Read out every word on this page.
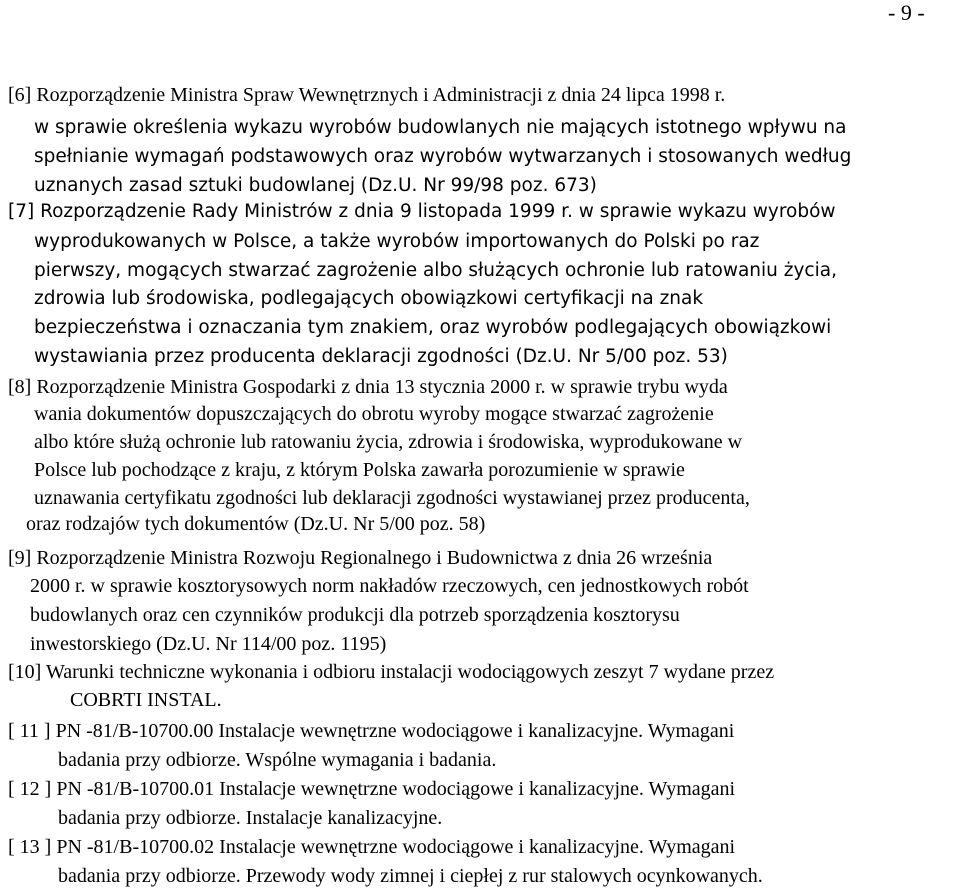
- 9 -
[6] Rozporządzenie Ministra Spraw Wewnętrznych i Administracji z dnia 24 lipca 1998 r.
w sprawie określenia wykazu wyrobów budowlanych nie mających istotnego wpływu na
spełnianie wymagań podstawowych oraz wyrobów wytwarzanych i stosowanych według
uznanych zasad sztuki budowlanej (Dz.U. Nr 99/98 poz. 673)
[7] Rozporządzenie Rady Ministrów z dnia 9 listopada 1999 r. w sprawie wykazu wyrobów
wyprodukowanych w Polsce, a także wyrobów importowanych do Polski po raz
pierwszy, mogących stwarzać zagrożenie albo służących ochronie lub ratowaniu życia,
zdrowia lub środowiska, podlegających obowiązkowi certyfikacji na znak
bezpieczeństwa i oznaczania tym znakiem, oraz wyrobów podlegających obowiązkowi
wystawiania przez producenta deklaracji zgodności (Dz.U. Nr 5/00 poz. 53)
[8] Rozporządzenie Ministra Gospodarki z dnia 13 stycznia 2000 r. w sprawie trybu wyda
wania dokumentów dopuszczających do obrotu wyroby mogące stwarzać zagrożenie
albo które służą ochronie lub ratowaniu życia, zdrowia i środowiska, wyprodukowane w
Polsce lub pochodzące z kraju, z którym Polska zawarła porozumienie w sprawie
uznawania certyfikatu zgodności lub deklaracji zgodności wystawianej przez producenta,
oraz rodzajów tych dokumentów (Dz.U. Nr 5/00 poz. 58)
[9] Rozporządzenie Ministra Rozwoju Regionalnego i Budownictwa z dnia 26 września
2000 r. w sprawie kosztorysowych norm nakładów rzeczowych, cen jednostkowych robót
budowlanych oraz cen czynników produkcji dla potrzeb sporządzenia kosztorysu
inwestorskiego (Dz.U. Nr 114/00 poz. 1195)
[10] Warunki techniczne wykonania i odbioru instalacji wodociągowych zeszyt 7 wydane przez
COBRTI INSTAL.
[ 11 ] PN -81/B-10700.00 Instalacje wewnętrzne wodociągowe i kanalizacyjne. Wymagani
badania przy odbiorze. Wspólne wymagania i badania.
[ 12 ] PN -81/B-10700.01 Instalacje wewnętrzne wodociągowe i kanalizacyjne. Wymagani
badania przy odbiorze. Instalacje kanalizacyjne.
[ 13 ] PN -81/B-10700.02 Instalacje wewnętrzne wodociągowe i kanalizacyjne. Wymagani
badania przy odbiorze. Przewody wody zimnej i ciepłej z rur stalowych ocynkowanych.
